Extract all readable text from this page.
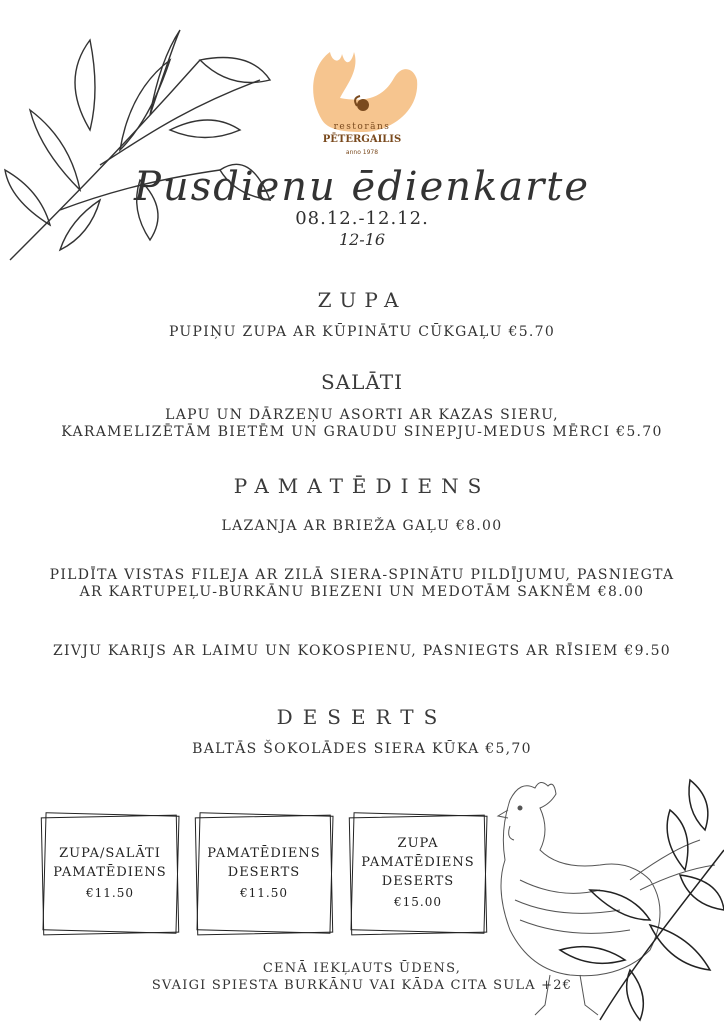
restorāns
PĒTERGAILIS
anno 1978
Pusdienu ēdienkarte
08.12.-12.12.
12-16
ZUPA
PUPIŅU ZUPA AR KŪPINĀTU CŪKGAĻU €5.70
SALĀTI
LAPU UN DĀRZEŅU ASORTI AR KAZAS SIERU,
KARAMELIZĒTĀM BIETĒM UN GRAUDU SINEPJU-MEDUS MĒRCI €5.70
PAMATĒDIENS
LAZANJA AR BRIEŽA GAĻU €8.00
PILDĪTA VISTAS FILEJA AR ZILĀ SIERA-SPINĀTU PILDĪJUMU, PASNIEGTA
AR KARTUPEĻU-BURKĀNU BIEZENI UN MEDOTĀM SAKNĒM €8.00
ZIVJU KARIJS AR LAIMU UN KOKOSPIENU, PASNIEGTS AR RĪSIEM €9.50
DESERTS
BALTĀS ŠOKOLĀDES SIERA KŪKA €5,70
ZUPA/SALĀTI
PAMATĒDIENS
€11.50
PAMATĒDIENS
DESERTS
€11.50
ZUPA
PAMATĒDIENS
DESERTS
€15.00
CENĀ IEKĻAUTS ŪDENS,
SVAIGI SPIESTA BURKĀNU VAI KĀDA CITA SULA +2€
